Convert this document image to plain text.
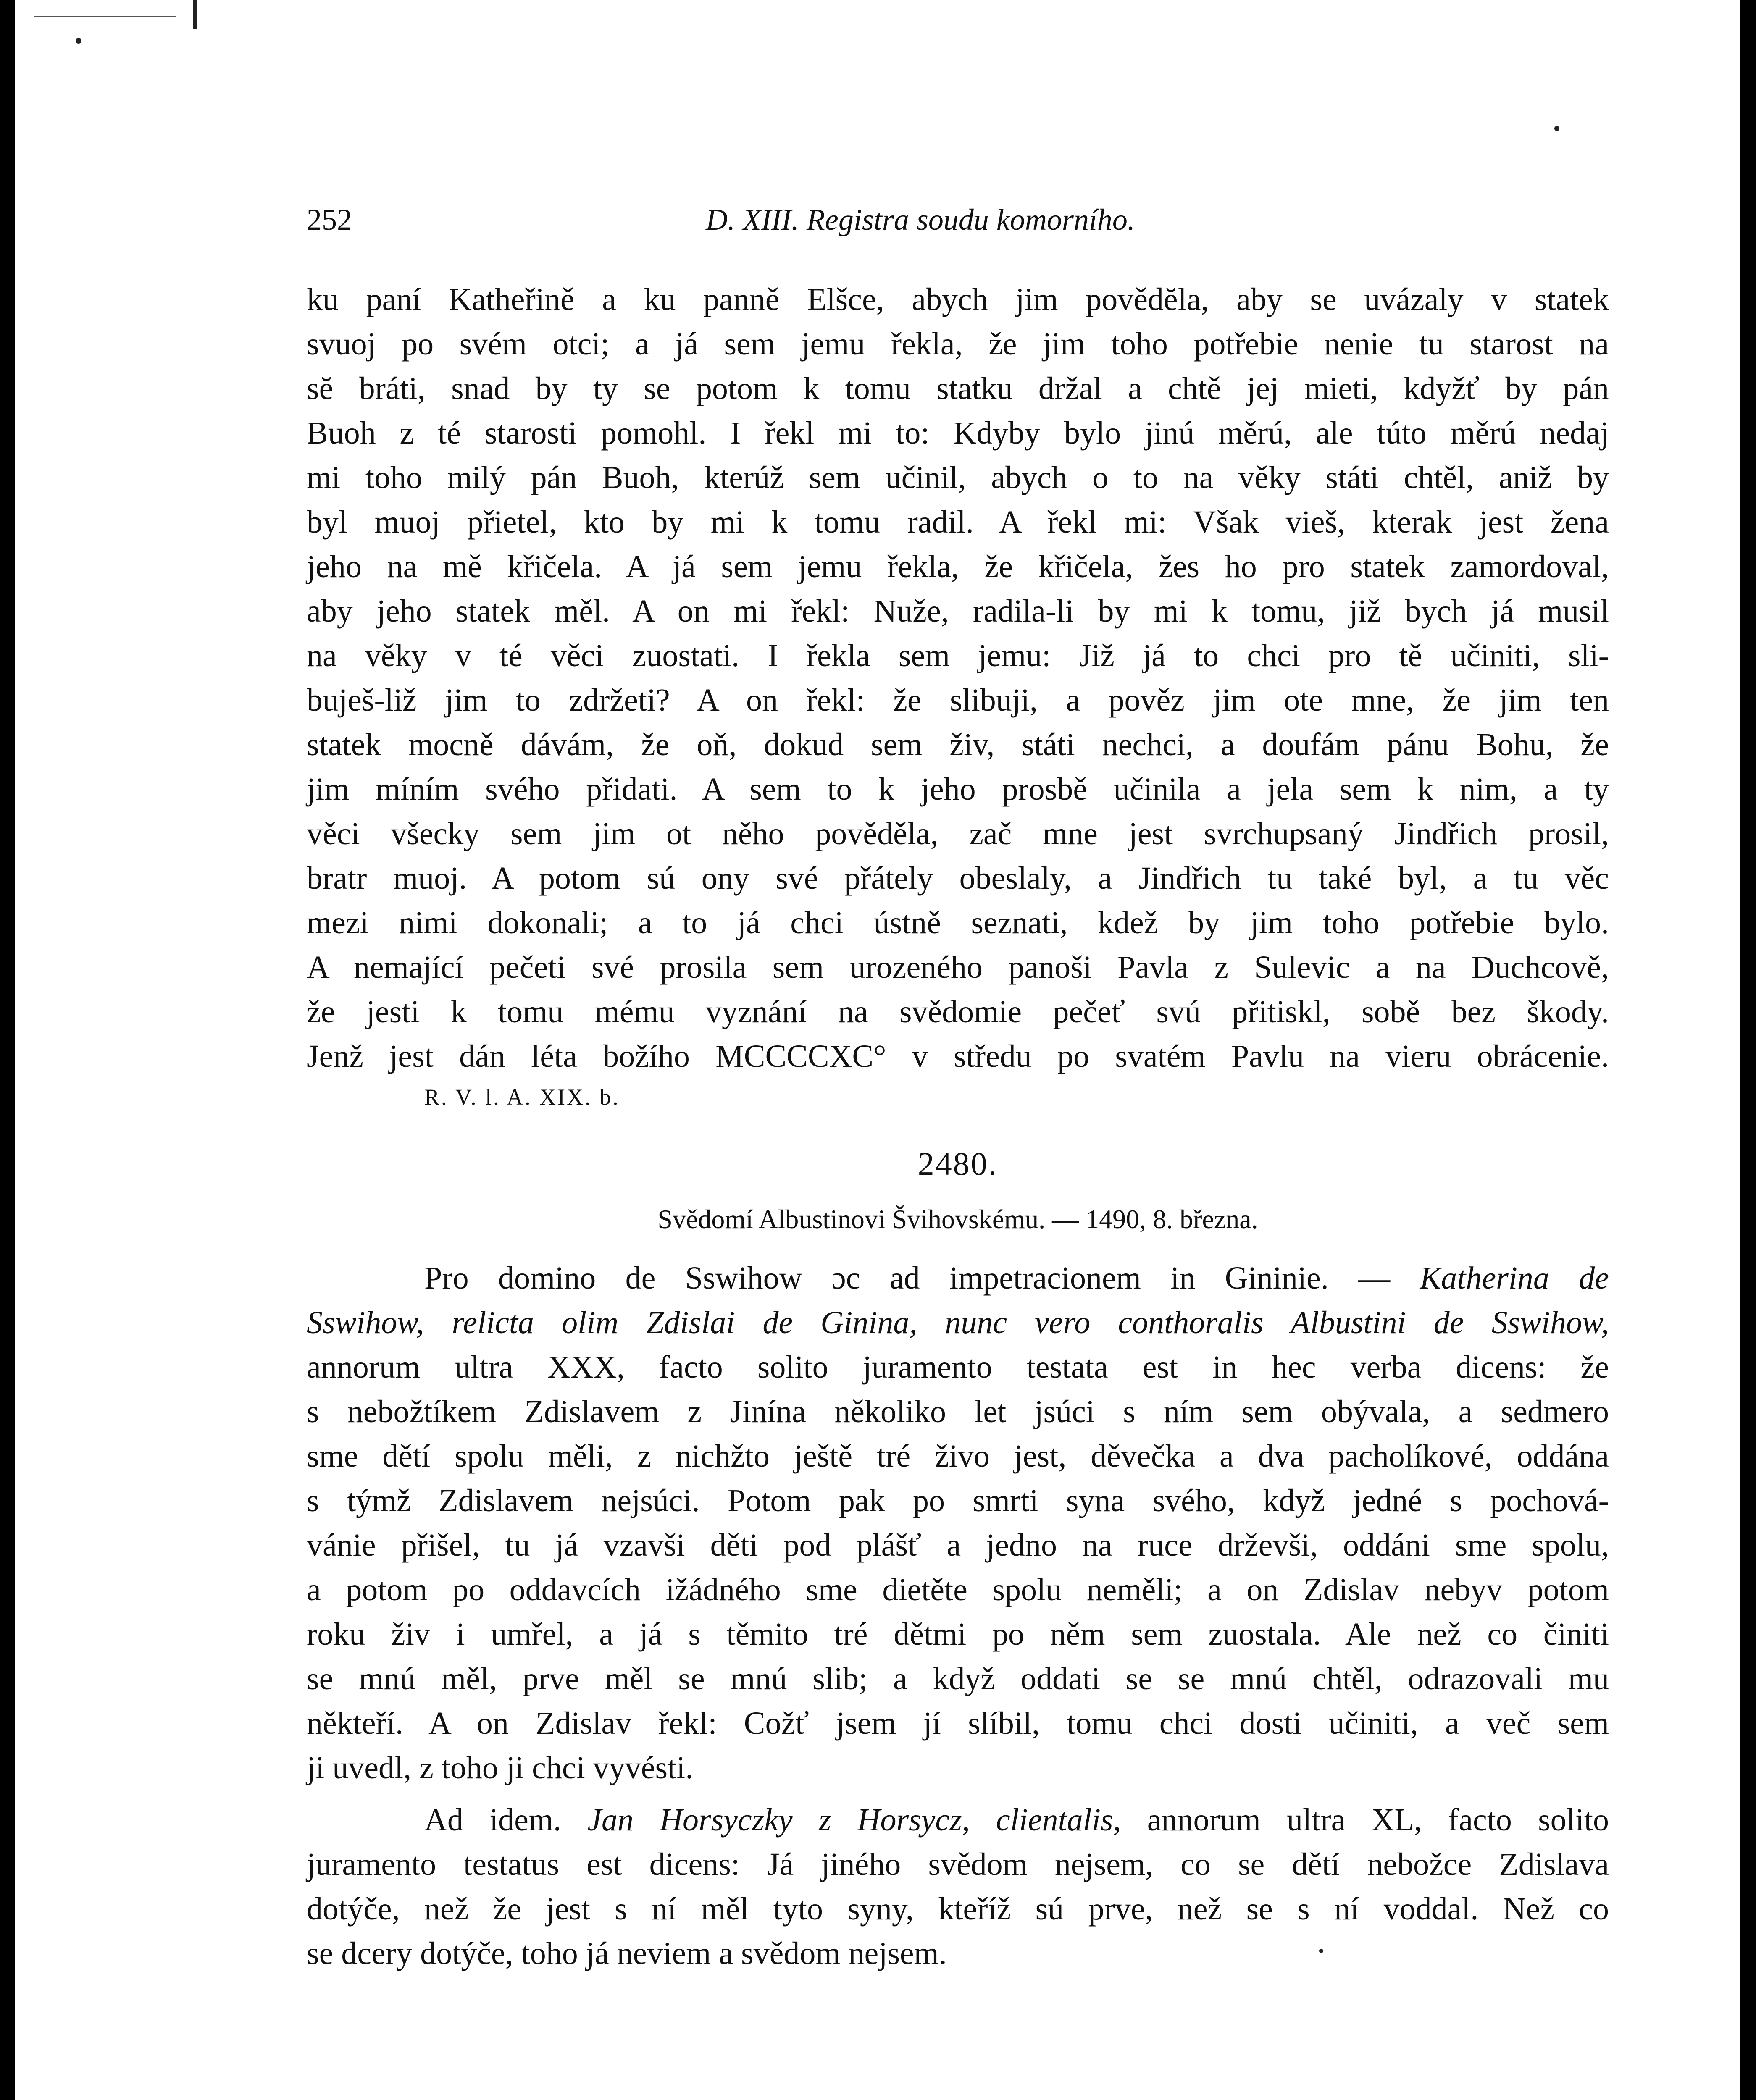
252	D. XIII. Registra soudu komorního.
ku paní Katheřině a ku panně Elšce, abych jim povědĕla, aby se uvázaly v statek
svuoj po svém otci; a já sem jemu řekla, že jim toho potřebie nenie tu starost na
sĕ bráti, snad by ty se potom k tomu statku držal a chtě jej mieti, kdyžť by pán
Buoh z té starosti pomohl. I řekl mi to: Kdyby bylo jinú měrú, ale túto měrú nedaj
mi toho milý pán Buoh, kterúž sem učinil, abych o to na věky státi chtěl, aniž by
byl muoj přietel, kto by mi k tomu radil. A řekl mi: Však vieš, kterak jest žena
jeho na mě křičela. A já sem jemu řekla, že křičela, žes ho pro statek zamordoval,
aby jeho statek měl. A on mi řekl: Nuže, radila-li by mi k tomu, již bych já musil
na věky v té věci zuostati. I řekla sem jemu: Již já to chci pro tě učiniti, sli-
buješ-liž jim to zdržeti? A on řekl: že slibuji, a pověz jim ote mne, že jim ten
statek mocně dávám, že oň, dokud sem živ, státi nechci, a doufám pánu Bohu, že
jim míním svého přidati. A sem to k jeho prosbě učinila a jela sem k nim, a ty
věci všecky sem jim ot něho pověděla, zač mne jest svrchupsaný Jindřich prosil,
bratr muoj. A potom sú ony své přátely obeslaly, a Jindřich tu také byl, a tu věc
mezi nimi dokonali; a to já chci ústně seznati, kdež by jim toho potřebie bylo.
A nemající pečeti své prosila sem urozeného panoši Pavla z Sulevic a na Duchcově,
že jesti k tomu mému vyznání na svědomie pečeť svú přitiskl, sobě bez škody.
Jenž jest dán léta božího MCCCCXC° v středu po svatém Pavlu na vieru obrácenie.
R. V. l. A. XIX. b.
2480.
Svědomí Albustinovi Švihovskému. — 1490, 8. března.
Pro domino de Sswihow ɔc ad impetracionem in Gininie. — Katherina de
Sswihow, relicta olim Zdislai de Ginina, nunc vero conthoralis Albustini de Sswihow,
annorum ultra XXX, facto solito juramento testata est in hec verba dicens: že
s nebožtíkem Zdislavem z Jinína několiko let jsúci s ním sem obývala, a sedmero
sme dětí spolu měli, z nichžto ještě tré živo jest, děvečka a dva pacholíkové, oddána
s týmž Zdislavem nejsúci. Potom pak po smrti syna svého, když jedné s pochová-
vánie přišel, tu já vzavši děti pod plášť a jedno na ruce drževši, oddáni sme spolu,
a potom po oddavcích ižádného sme dietěte spolu neměli; a on Zdislav nebyv potom
roku živ i umřel, a já s těmito tré dětmi po něm sem zuostala. Ale než co činiti
se mnú měl, prve měl se mnú slib; a když oddati se se mnú chtěl, odrazovali mu
někteří. A on Zdislav řekl: Cožť jsem jí slíbil, tomu chci dosti učiniti, a več sem
ji uvedl, z toho ji chci vyvésti.
Ad idem. Jan Horsyczky z Horsycz, clientalis, annorum ultra XL, facto solito
juramento testatus est dicens: Já jiného svědom nejsem, co se dětí nebožce Zdislava
dotýče, než že jest s ní měl tyto syny, kteříž sú prve, než se s ní voddal. Než co
se dcery dotýče, toho já neviem a svědom nejsem.
